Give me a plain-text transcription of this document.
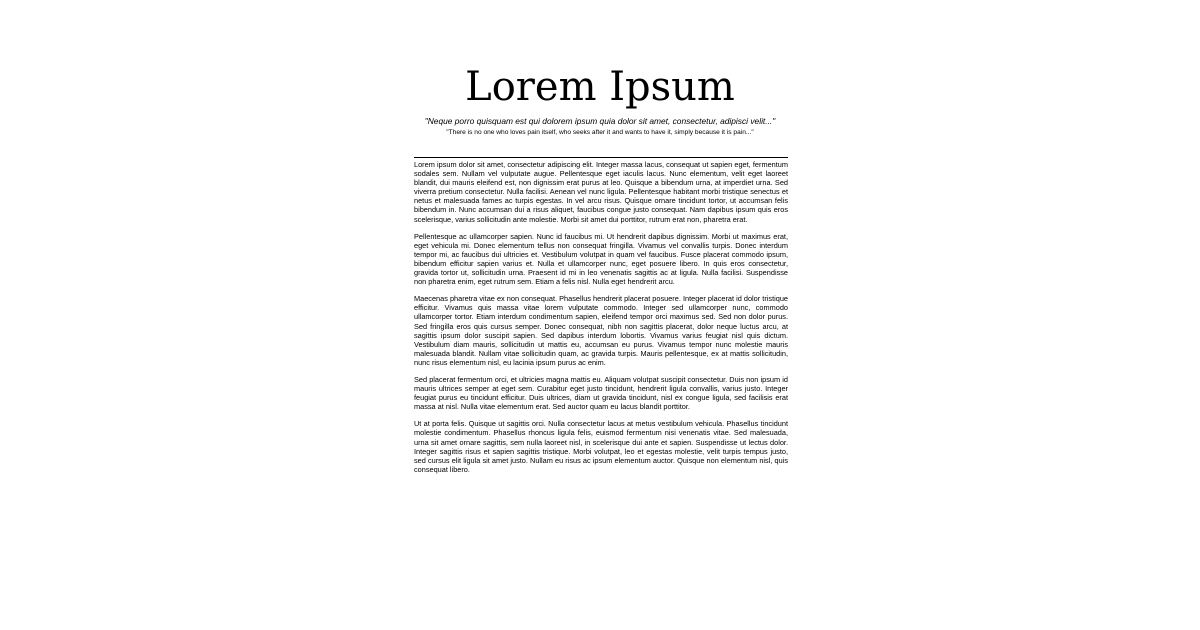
Lorem Ipsum
"Neque porro quisquam est qui dolorem ipsum quia dolor sit amet, consectetur, adipisci velit..."
"There is no one who loves pain itself, who seeks after it and wants to have it, simply because it is pain..."

Lorem ipsum dolor sit amet, consectetur adipiscing elit. Integer massa lacus, consequat ut sapien eget, fermentum sodales sem. Nullam vel vulputate augue. Pellentesque eget iaculis lacus. Nunc elementum, velit eget laoreet blandit, dui mauris eleifend est, non dignissim erat purus at leo. Quisque a bibendum urna, at imperdiet urna. Sed viverra pretium consectetur. Nulla facilisi. Aenean vel nunc ligula. Pellentesque habitant morbi tristique senectus et netus et malesuada fames ac turpis egestas. In vel arcu risus. Quisque ornare tincidunt tortor, ut accumsan felis bibendum in. Nunc accumsan dui a risus aliquet, faucibus congue justo consequat. Nam dapibus ipsum quis eros scelerisque, varius sollicitudin ante molestie. Morbi sit amet dui porttitor, rutrum erat non, pharetra erat.

Pellentesque ac ullamcorper sapien. Nunc id faucibus mi. Ut hendrerit dapibus dignissim. Morbi ut maximus erat, eget vehicula mi. Donec elementum tellus non consequat fringilla. Vivamus vel convallis turpis. Donec interdum tempor mi, ac faucibus dui ultricies et. Vestibulum volutpat in quam vel faucibus. Fusce placerat commodo ipsum, bibendum efficitur sapien varius et. Nulla et ullamcorper nunc, eget posuere libero. In quis eros consectetur, gravida tortor ut, sollicitudin urna. Praesent id mi in leo venenatis sagittis ac at ligula. Nulla facilisi. Suspendisse non pharetra enim, eget rutrum sem. Etiam a felis nisl. Nulla eget hendrerit arcu.

Maecenas pharetra vitae ex non consequat. Phasellus hendrerit placerat posuere. Integer placerat id dolor tristique efficitur. Vivamus quis massa vitae lorem vulputate commodo. Integer sed ullamcorper nunc, commodo ullamcorper tortor. Etiam interdum condimentum sapien, eleifend tempor orci maximus sed. Sed non dolor purus. Sed fringilla eros quis cursus semper. Donec consequat, nibh non sagittis placerat, dolor neque luctus arcu, at sagittis ipsum dolor suscipit sapien. Sed dapibus interdum lobortis. Vivamus varius feugiat nisl quis dictum. Vestibulum diam mauris, sollicitudin ut mattis eu, accumsan eu purus. Vivamus tempor nunc molestie mauris malesuada blandit. Nullam vitae sollicitudin quam, ac gravida turpis. Mauris pellentesque, ex at mattis sollicitudin, nunc risus elementum nisl, eu lacinia ipsum purus ac enim.

Sed placerat fermentum orci, et ultricies magna mattis eu. Aliquam volutpat suscipit consectetur. Duis non ipsum id mauris ultrices semper at eget sem. Curabitur eget justo tincidunt, hendrerit ligula convallis, varius justo. Integer feugiat purus eu tincidunt efficitur. Duis ultrices, diam ut gravida tincidunt, nisl ex congue ligula, sed facilisis erat massa at nisl. Nulla vitae elementum erat. Sed auctor quam eu lacus blandit porttitor.

Ut at porta felis. Quisque ut sagittis orci. Nulla consectetur lacus at metus vestibulum vehicula. Phasellus tincidunt molestie condimentum. Phasellus rhoncus ligula felis, euismod fermentum nisi venenatis vitae. Sed malesuada, urna sit amet ornare sagittis, sem nulla laoreet nisl, in scelerisque dui ante et sapien. Suspendisse ut lectus dolor. Integer sagittis risus et sapien sagittis tristique. Morbi volutpat, leo et egestas molestie, velit turpis tempus justo, sed cursus elit ligula sit amet justo. Nullam eu risus ac ipsum elementum auctor. Quisque non elementum nisl, quis consequat libero.
